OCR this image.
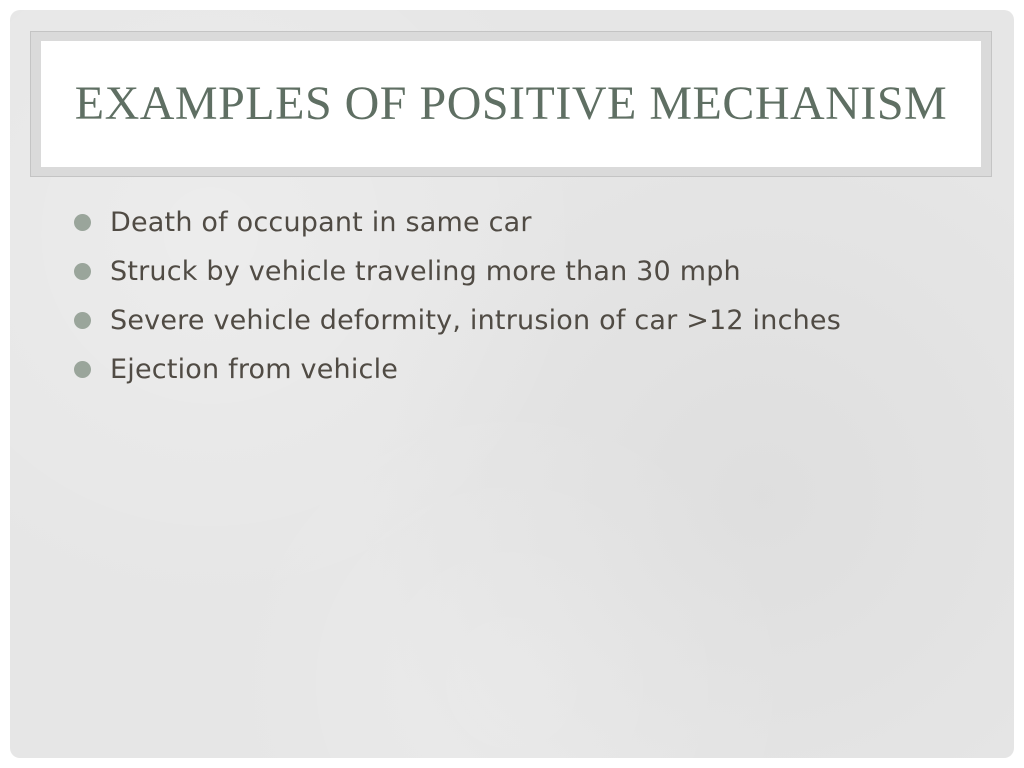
EXAMPLES OF POSITIVE MECHANISM
Death of occupant in same car
Struck by vehicle traveling more than 30 mph
Severe vehicle deformity, intrusion of car >12 inches
Ejection from vehicle
